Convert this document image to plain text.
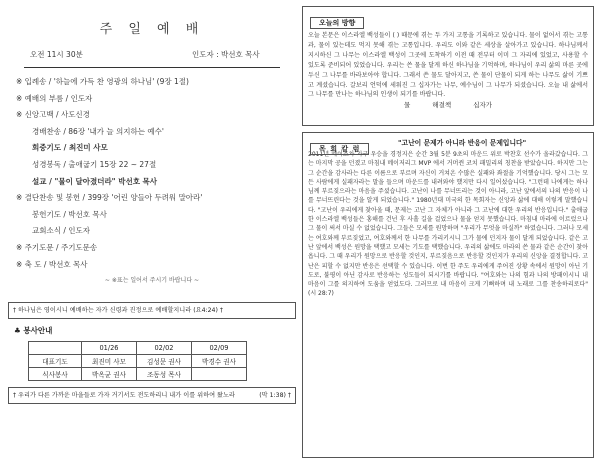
주 일 예 배
오전 11시 30분	인도자 : 박선호 목사
※ 입례송 / '하늘에 가득 찬 영광의 하나님' (9장 1절)
※ 예배의 부름 / 인도자
※ 신앙고백 / 사도신경
경배찬송 / 86장 '내가 늘 의지하는 예수'
회중기도 / 최진미 사모
성경봉독 / 출애굽기 15장 22 ~ 27절
설교 / "물이 달아졌더라" 박선호 목사
※ 결단찬송 및 봉헌 / 399장 '어린 양들아 두려워 말아라'
봉헌기도 / 박선호 목사
교회소식 / 인도자
※ 주기도문 / 주기도문송
※ 축 도 / 박선호 목사
~ ※표는 일어서 주시기 바랍니다 ~
† 하나님은 영이시니 예배하는 자가 신령과 진정으로 예배할지니라 (요4:24) †
♣ 봉사안내
	01/26	02/02	02/09
대표기도	최진미 사모	김성문 권사	박경수 권사
식사봉사	박옥균 권사	조동성 목사	
† 우리가 다른 가까운 마을들로 가자 거기서도 전도하리니 내가 이를 위하여 왔노라	(막 1:38) †
오늘의 방향
오늘 본문은 이스라엘 백성들이 ( ) 때문에 겪는 두 가지 고통을 기록하고 있습니다. 물이 없어서 겪는 고통과, 물이 있는데도 먹지 못해 겪는 고통입니다. 우리도 이와 같은 세상을 살아가고 있습니다. 하나님께서 지시하신 그 나무는 이스라엘 백성이 그곳에 도착하기 이전 때 전부터 이미 그 자리에 있었고, 사용할 수 있도록 준비되어 있었습니다. 우리는 쓴 물을 달게 하신 하나님을 기억하며, 하나님이 우리 삶의 마른 곳에 두신 그 나무를 바라보아야 합니다. 그래서 쓴 물도 달아지고, 쓴 물이 단물이 되게 하는 나무도 삶이 기쁘고 계셨습니다. 갈보리 언덕에 세워진 그 십자가는 나무, 예수님이 그 나무가 되셨습니다. 오늘 내 삶에서 그 나무를 만나는 하나님의 인생이 되기를 바랍니다.
물	해결책	십자가
목 회 칼 럼
"고난이 문제가 아니라 반응이 문제입니다"
2011년 메이조차 자구 우승을 경정지은 순간 3월 5분 9초의 마운드 위로 박찬호 선수가 올라갔습니다. 그는 마지막 공을 던졌고 마침내 메이저리그 MVP 에서 거머쥔 코치 패밀리의 칭찬을 받았습니다. 하지만 그는 그 순간을 감사라는 다른 이름으로 부르며 자신이 거쳐온 수많은 실패와 좌절을 기억했습니다. 당시 그는 모든 사람에게 실패자라는 말을 들으며 마운드를 내려와야 했지만 다시 일어섰습니다. "그런데 나에게는 하나님께 부르짖으라는 마음을 주셨습니다. 고난이 나를 무너뜨리는 것이 아니라, 고난 앞에서의 나의 반응이 나를 무너뜨린다는 것을 알게 되었습니다." 1980년대 미국의 한 목회자는 신앙과 삶에 대해 이렇게 말했습니다. "고난이 우리에게 찾아올 때, 문제는 고난 그 자체가 아니라 그 고난에 대한 우리의 반응입니다." 출애굽한 이스라엘 백성들은 홍해를 건넌 후 사흘 길을 걸었으나 물을 얻지 못했습니다. 마침내 마라에 이르렀으나 그 물이 써서 마실 수 없었습니다. 그들은 모세를 원망하며 "우리가 무엇을 마실까" 하였습니다. 그러나 모세는 여호와께 부르짖었고, 여호와께서 한 나무를 가리키시니 그가 물에 던지자 물이 달게 되었습니다. 같은 고난 앞에서 백성은 원망을 택했고 모세는 기도를 택했습니다. 우리의 삶에도 마라의 쓴 물과 같은 순간이 찾아옵니다. 그 때 우리가 원망으로 반응할 것인지, 부르짖음으로 반응할 것인지가 우리의 신앙을 결정합니다. 고난은 피할 수 없지만 반응은 선택할 수 있습니다. 이번 한 주도 우리에게 주어진 상황 속에서 원망이 아닌 기도로, 불평이 아닌 감사로 반응하는 성도들이 되시기를 바랍니다. "여호와는 나의 힘과 나의 방패이시니 내 마음이 그를 의지하여 도움을 얻었도다. 그러므로 내 마음이 크게 기뻐하며 내 노래로 그를 찬송하리로다" (시 28:7)
